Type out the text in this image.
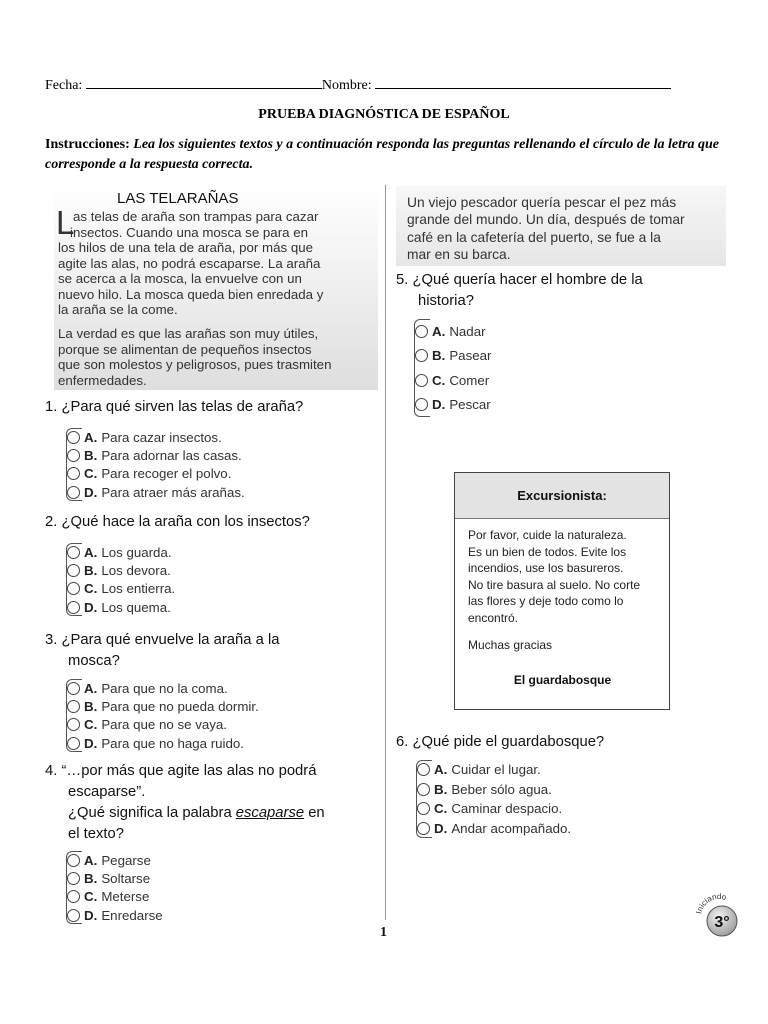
Fecha:	Nombre:
PRUEBA DIAGNÓSTICA DE ESPAÑOL
Instrucciones: Lea los siguientes textos y a continuación responda las preguntas rellenando el círculo de la letra que corresponde a la respuesta correcta.
LAS TELARAÑAS
L
as telas de araña son trampas para cazar
insectos. Cuando una mosca se para en
los hilos de una tela de araña, por más que
agite las alas, no podrá escaparse. La araña
se acerca a la mosca, la envuelve con un
nuevo hilo. La mosca queda bien enredada y
la araña se la come.
La verdad es que las arañas son muy útiles,
porque se alimentan de pequeños insectos
que son molestos y peligrosos, pues trasmiten
enfermedades.
1. ¿Para qué sirven las telas de araña?
A. Para cazar insectos.
B. Para adornar las casas.
C. Para recoger el polvo.
D. Para atraer más arañas.
2. ¿Qué hace la araña con los insectos?
A. Los guarda.
B. Los devora.
C. Los entierra.
D. Los quema.
3. ¿Para qué envuelve la araña a la
mosca?
A. Para que no la coma.
B. Para que no pueda dormir.
C. Para que no se vaya.
D. Para que no haga ruido.
4. “…por más que agite las alas no podrá
escaparse”.
¿Qué significa la palabra escaparse en
el texto?
A. Pegarse
B. Soltarse
C. Meterse
D. Enredarse
Un viejo pescador quería pescar el pez más
grande del mundo. Un día, después de tomar
café en la cafetería del puerto, se fue a la
mar en su barca.
5. ¿Qué quería hacer el hombre de la
historia?
A. Nadar
B. Pasear
C. Comer
D. Pescar
Excursionista:
Por favor, cuide la naturaleza.
Es un bien de todos. Evite los
incendios, use los basureros.
No tire basura al suelo. No corte
las flores y deje todo como lo
encontró.
Muchas gracias
El guardabosque
6. ¿Qué pide el guardabosque?
A. Cuidar el lugar.
B. Beber sólo agua.
C. Caminar despacio.
D. Andar acompañado.
1
Iniciando
3°
